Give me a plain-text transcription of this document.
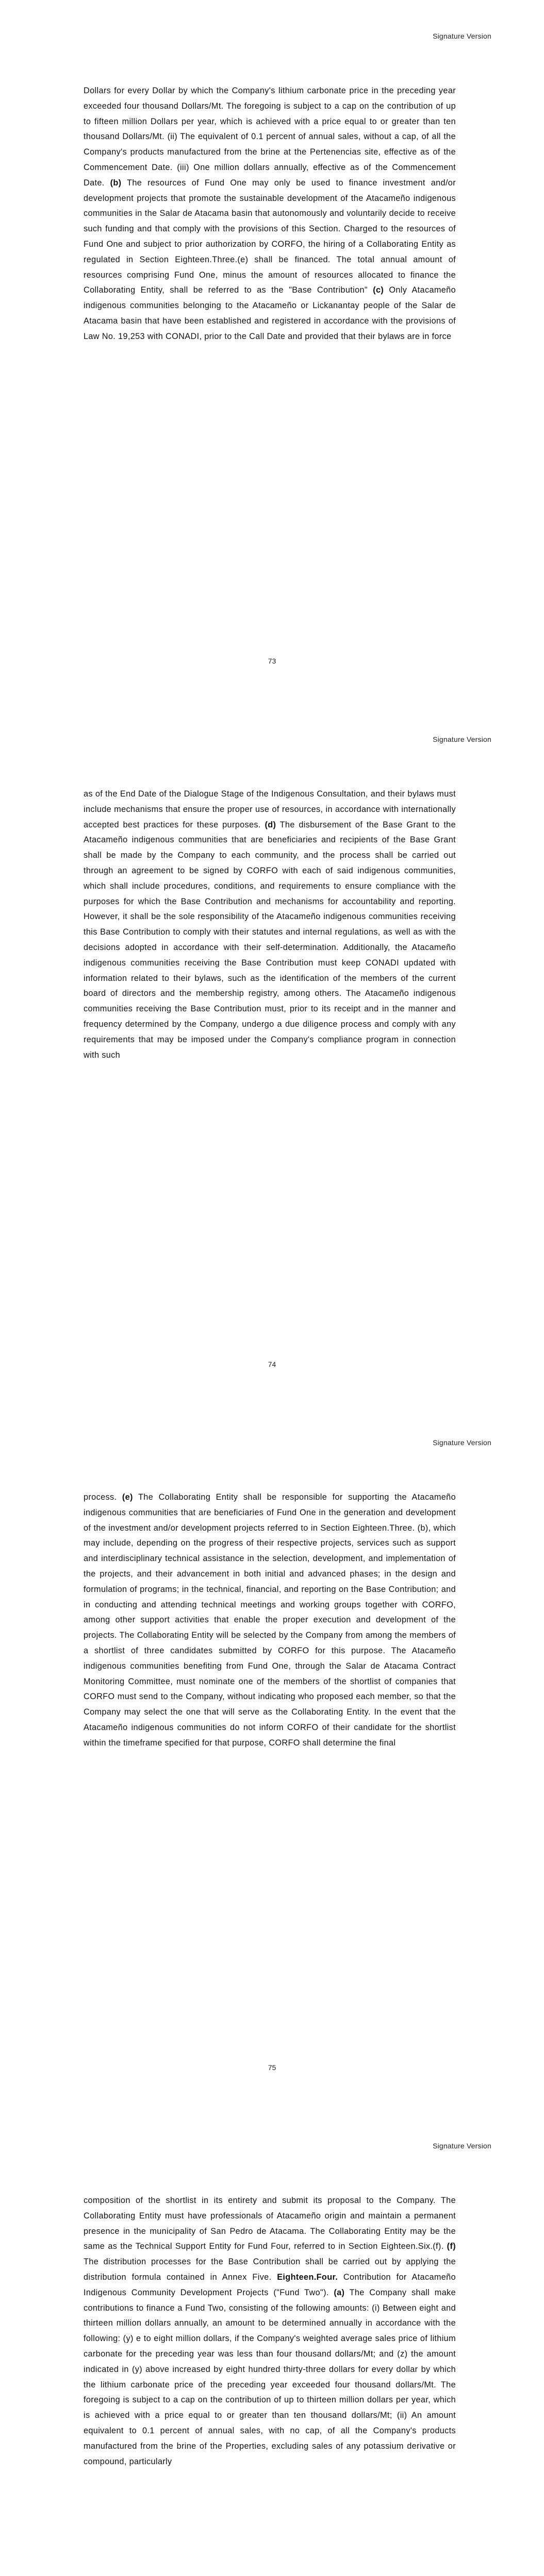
Signature Version
Dollars for every Dollar by which the Company's lithium carbonate price in the preceding year exceeded four thousand Dollars/Mt. The foregoing is subject to a cap on the contribution of up to fifteen million Dollars per year, which is achieved with a price equal to or greater than ten thousand Dollars/Mt. (ii) The equivalent of 0.1 percent of annual sales, without a cap, of all the Company's products manufactured from the brine at the Pertenencias site, effective as of the Commencement Date. (iii) One million dollars annually, effective as of the Commencement Date. (b) The resources of Fund One may only be used to finance investment and/or development projects that promote the sustainable development of the Atacameño indigenous communities in the Salar de Atacama basin that autonomously and voluntarily decide to receive such funding and that comply with the provisions of this Section. Charged to the resources of Fund One and subject to prior authorization by CORFO, the hiring of a Collaborating Entity as regulated in Section Eighteen.Three.(e) shall be financed. The total annual amount of resources comprising Fund One, minus the amount of resources allocated to finance the Collaborating Entity, shall be referred to as the "Base Contribution" (c) Only Atacameño indigenous communities belonging to the Atacameño or Lickanantay people of the Salar de Atacama basin that have been established and registered in accordance with the provisions of Law No. 19,253 with CONADI, prior to the Call Date and provided that their bylaws are in force
73
Signature Version
as of the End Date of the Dialogue Stage of the Indigenous Consultation, and their bylaws must include mechanisms that ensure the proper use of resources, in accordance with internationally accepted best practices for these purposes. (d) The disbursement of the Base Grant to the Atacameño indigenous communities that are beneficiaries and recipients of the Base Grant shall be made by the Company to each community, and the process shall be carried out through an agreement to be signed by CORFO with each of said indigenous communities, which shall include procedures, conditions, and requirements to ensure compliance with the purposes for which the Base Contribution and mechanisms for accountability and reporting. However, it shall be the sole responsibility of the Atacameño indigenous communities receiving this Base Contribution to comply with their statutes and internal regulations, as well as with the decisions adopted in accordance with their self-determination. Additionally, the Atacameño indigenous communities receiving the Base Contribution must keep CONADI updated with information related to their bylaws, such as the identification of the members of the current board of directors and the membership registry, among others. The Atacameño indigenous communities receiving the Base Contribution must, prior to its receipt and in the manner and frequency determined by the Company, undergo a due diligence process and comply with any requirements that may be imposed under the Company's compliance program in connection with such
74
Signature Version
process. (e) The Collaborating Entity shall be responsible for supporting the Atacameño indigenous communities that are beneficiaries of Fund One in the generation and development of the investment and/or development projects referred to in Section Eighteen.Three. (b), which may include, depending on the progress of their respective projects, services such as support and interdisciplinary technical assistance in the selection, development, and implementation of the projects, and their advancement in both initial and advanced phases; in the design and formulation of programs; in the technical, financial, and reporting on the Base Contribution; and in conducting and attending technical meetings and working groups together with CORFO, among other support activities that enable the proper execution and development of the projects. The Collaborating Entity will be selected by the Company from among the members of a shortlist of three candidates submitted by CORFO for this purpose. The Atacameño indigenous communities benefiting from Fund One, through the Salar de Atacama Contract Monitoring Committee, must nominate one of the members of the shortlist of companies that CORFO must send to the Company, without indicating who proposed each member, so that the Company may select the one that will serve as the Collaborating Entity. In the event that the Atacameño indigenous communities do not inform CORFO of their candidate for the shortlist within the timeframe specified for that purpose, CORFO shall determine the final
75
Signature Version
composition of the shortlist in its entirety and submit its proposal to the Company. The Collaborating Entity must have professionals of Atacameño origin and maintain a permanent presence in the municipality of San Pedro de Atacama. The Collaborating Entity may be the same as the Technical Support Entity for Fund Four, referred to in Section Eighteen.Six.(f). (f) The distribution processes for the Base Contribution shall be carried out by applying the distribution formula contained in Annex Five. Eighteen.Four. Contribution for Atacameño Indigenous Community Development Projects ("Fund Two"). (a) The Company shall make contributions to finance a Fund Two, consisting of the following amounts: (i) Between eight and thirteen million dollars annually, an amount to be determined annually in accordance with the following: (y) e to eight million dollars, if the Company's weighted average sales price of lithium carbonate for the preceding year was less than four thousand dollars/Mt; and (z) the amount indicated in (y) above increased by eight hundred thirty-three dollars for every dollar by which the lithium carbonate price of the preceding year exceeded four thousand dollars/Mt. The foregoing is subject to a cap on the contribution of up to thirteen million dollars per year, which is achieved with a price equal to or greater than ten thousand dollars/Mt; (ii) An amount equivalent to 0.1 percent of annual sales, with no cap, of all the Company's products manufactured from the brine of the Properties, excluding sales of any potassium derivative or compound, particularly
